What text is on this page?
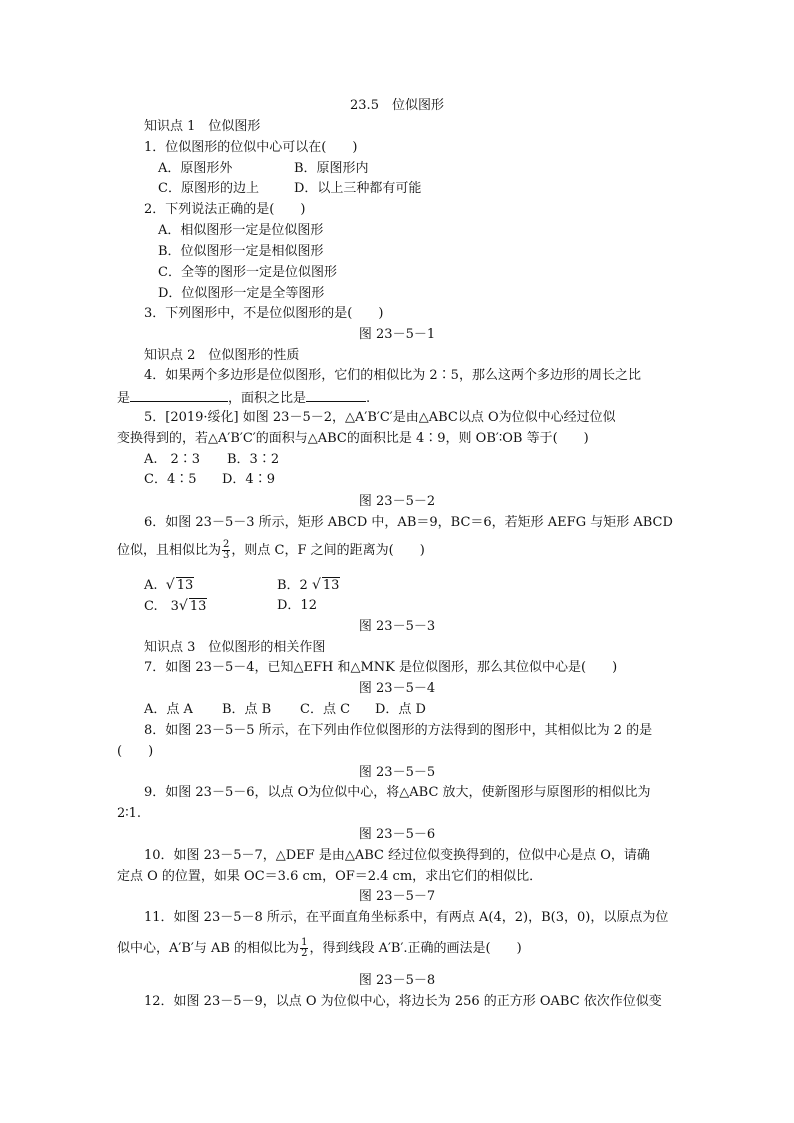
23.5　位似图形
知识点 1　位似图形
1．位似图形的位似中心可以在(　　)
A．原图形外	B．原图形内
C．原图形的边上	D．以上三种都有可能
2．下列说法正确的是(　　)
A．相似图形一定是位似图形
B．位似图形一定是相似图形
C．全等的图形一定是位似图形
D．位似图形一定是全等图形
3．下列图形中，不是位似图形的是(　　)
图 23－5－1
知识点 2　位似图形的性质
4．如果两个多边形是位似图形，它们的相似比为 2∶5，那么这两个多边形的周长之比
是	，面积之比是	.
5．[2019·绥化] 如图 23－5－2，△A′B′C′是由△ABC以点 O为位似中心经过位似
变换得到的，若△A′B′C′的面积与△ABC的面积比是 4∶9，则 OB′∶OB 等于(　　)
A.　2∶3 B．3∶2
C．4∶5 D．4∶9
图 23－5－2
6．如图 23－5－3 所示，矩形 ABCD 中，AB＝9，BC＝6，若矩形 AEFG 与矩形 ABCD
位似，且相似比为 $\frac{2}{3}$ ，则点 C，F 之间的距离为(　　)
A. √ 13	B．2 √ 13
C.　3√ 13	D．12
图 23－5－3
知识点 3　位似图形的相关作图
7．如图 23－5－4，已知△EFH 和△MNK 是位似图形，那么其位似中心是(　　)
图 23－5－4
A．点 A B．点 B C．点 C D．点 D
8．如图 23－5－5 所示，在下列由作位似图形的方法得到的图形中，其相似比为 2 的是
(　　)
图 23－5－5
9．如图 23－5－6，以点 O为位似中心，将△ABC 放大，使新图形与原图形的相似比为
2∶1.
图 23－5－6
10．如图 23－5－7，△DEF 是由△ABC 经过位似变换得到的，位似中心是点 O，请确
定点 O 的位置，如果 OC＝3.6 cm，OF＝2.4 cm，求出它们的相似比．
图 23－5－7
11．如图 23－5－8 所示，在平面直角坐标系中，有两点 A(4，2)，B(3，0)，以原点为位
似中心，A′B′与 AB 的相似比为 $\frac{1}{2}$ ，得到线段 A′B′.正确的画法是(　　)
图 23－5－8
12．如图 23－5－9，以点 O 为位似中心，将边长为 256 的正方形 OABC 依次作位似变
